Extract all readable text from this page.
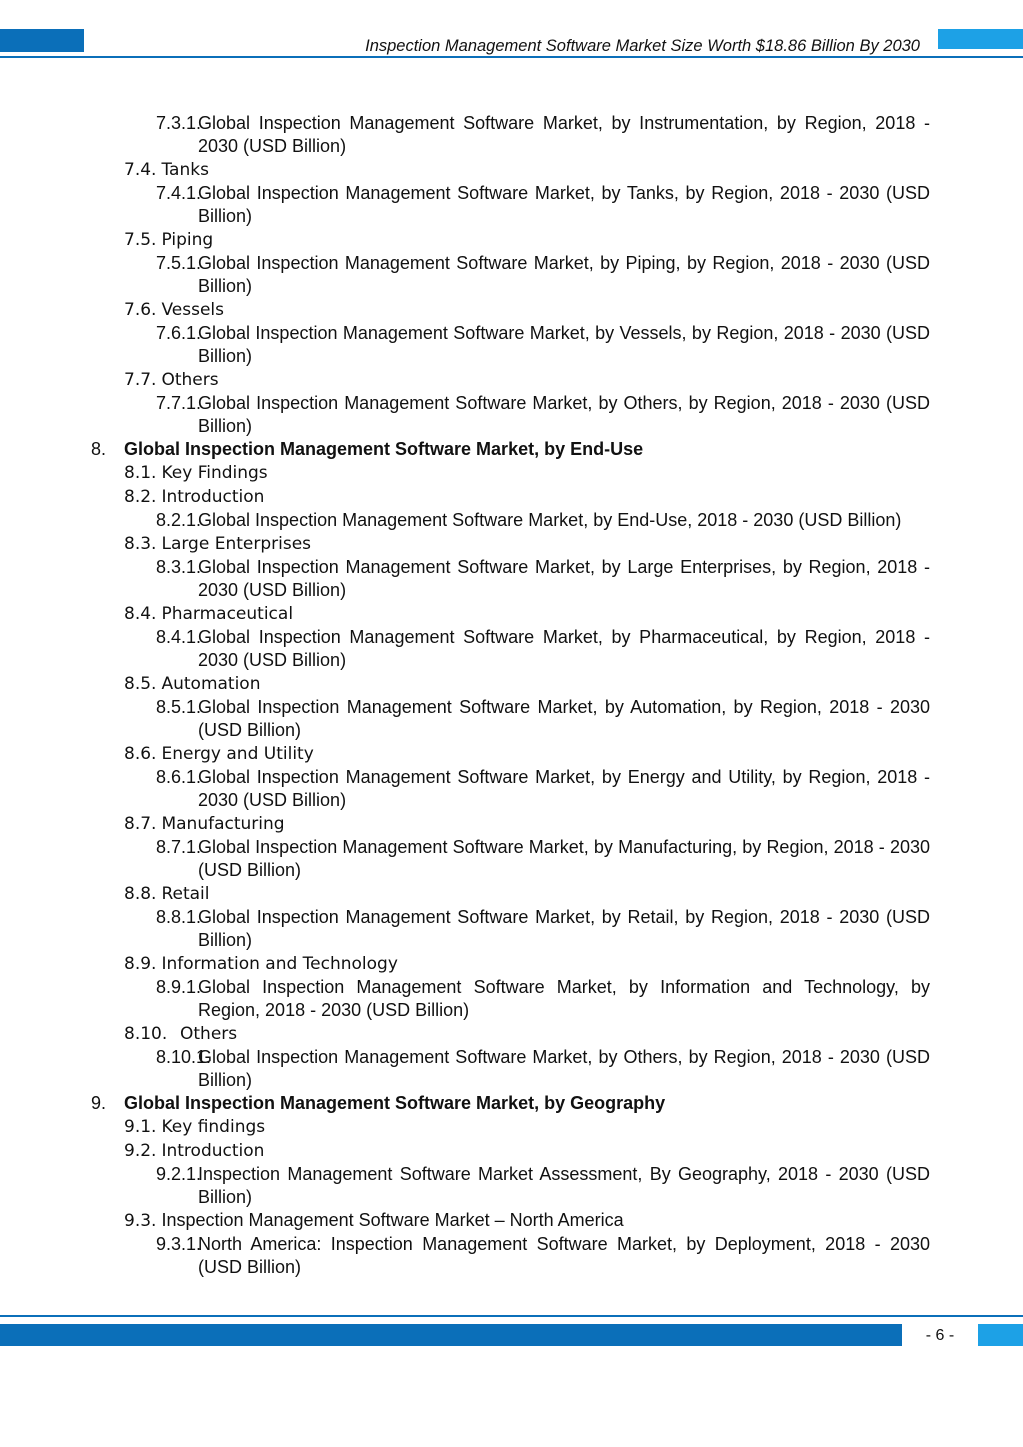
Inspection Management Software Market Size Worth $18.86 Billion By 2030
7.3.1.
Global Inspection Management Software Market, by Instrumentation, by Region, 2018 - 2030 (USD Billion)
7.4. Tanks
7.4.1.
Global Inspection Management Software Market, by Tanks, by Region, 2018 - 2030 (USD Billion)
7.5. Piping
7.5.1.
Global Inspection Management Software Market, by Piping, by Region, 2018 - 2030 (USD Billion)
7.6. Vessels
7.6.1.
Global Inspection Management Software Market, by Vessels, by Region, 2018 - 2030 (USD Billion)
7.7. Others
7.7.1.
Global Inspection Management Software Market, by Others, by Region, 2018 - 2030 (USD Billion)
8. Global Inspection Management Software Market, by End-Use
8.1. Key Findings
8.2. Introduction
8.2.1.
Global Inspection Management Software Market, by End-Use, 2018 - 2030 (USD Billion)
8.3. Large Enterprises
8.3.1.
Global Inspection Management Software Market, by Large Enterprises, by Region, 2018 - 2030 (USD Billion)
8.4. Pharmaceutical
8.4.1.
Global Inspection Management Software Market, by Pharmaceutical, by Region, 2018 - 2030 (USD Billion)
8.5. Automation
8.5.1.
Global Inspection Management Software Market, by Automation, by Region, 2018 - 2030 (USD Billion)
8.6. Energy and Utility
8.6.1.
Global Inspection Management Software Market, by Energy and Utility, by Region, 2018 - 2030 (USD Billion)
8.7. Manufacturing
8.7.1.
Global Inspection Management Software Market, by Manufacturing, by Region, 2018 - 2030 (USD Billion)
8.8. Retail
8.8.1.
Global Inspection Management Software Market, by Retail, by Region, 2018 - 2030 (USD Billion)
8.9. Information and Technology
8.9.1.
Global Inspection Management Software Market, by Information and Technology, by Region, 2018 - 2030 (USD Billion)
8.10. Others
8.10.1.
Global Inspection Management Software Market, by Others, by Region, 2018 - 2030 (USD Billion)
9. Global Inspection Management Software Market, by Geography
9.1. Key findings
9.2. Introduction
9.2.1.
Inspection Management Software Market Assessment, By Geography, 2018 - 2030 (USD Billion)
9.3. Inspection Management Software Market – North America
9.3.1.
North America: Inspection Management Software Market, by Deployment, 2018 - 2030 (USD Billion)
- 6 -
